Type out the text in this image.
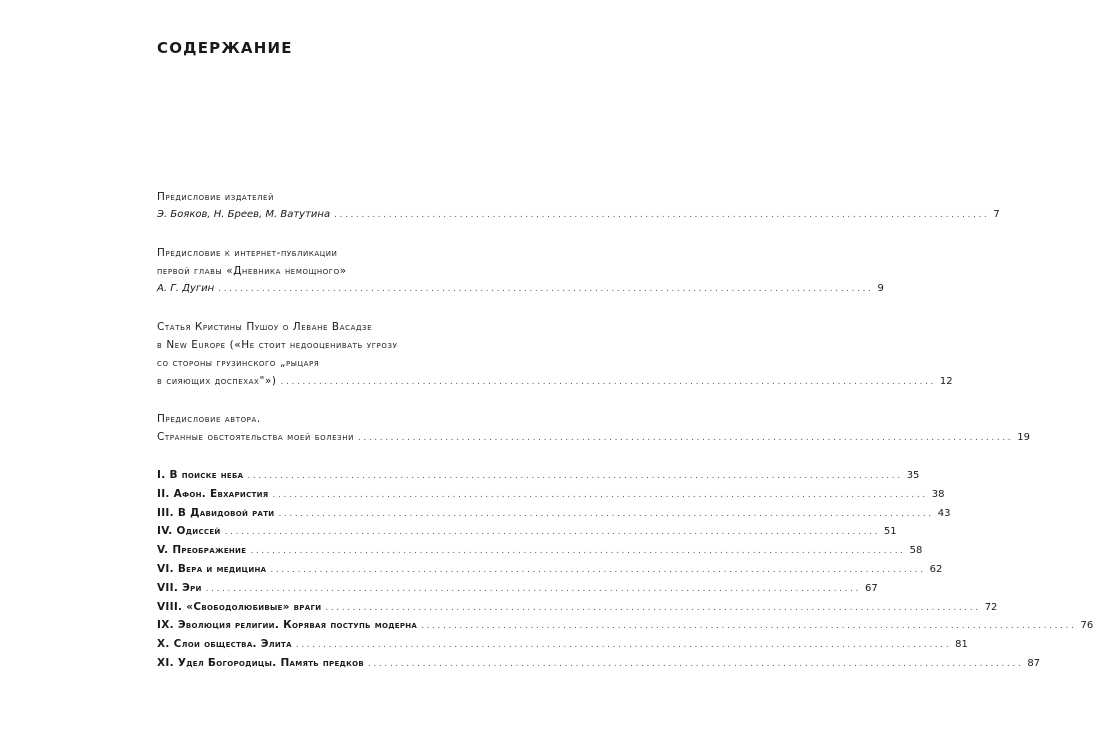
СОДЕРЖАНИЕ
Предисловие издателей
Э. Бояков, Н. Бреев, М. Ватутина ........................................................................................................................ 7
Предисловие к интернет-публикации
первой главы «Дневника немощного»
А. Г. Дугин ........................................................................................................................ 9
Статья Кристины Пушоу о Леване Васадзе
в New Europe («Не стоит недооценивать угрозу
со стороны грузинского „рыцаря
в сияющих доспехах"») ........................................................................................................................ 12
Предисловие автора.
Странные обстоятельства моей болезни ........................................................................................................................ 19
I. В поиске неба ........................................................................................................................ 35
II. Афон. Евхаристия ........................................................................................................................ 38
III. В Давидовой рати ........................................................................................................................ 43
IV. Одиссей ........................................................................................................................ 51
V. Преображение ........................................................................................................................ 58
VI. Вера и медицина ........................................................................................................................ 62
VII. Эри ........................................................................................................................ 67
VIII. «Свободолюбивые» враги ........................................................................................................................ 72
IX. Эволюция религии. Корявая поступь модерна ........................................................................................................................ 76
X. Слои общества. Элита ........................................................................................................................ 81
XI. Удел Богородицы. Память предков ........................................................................................................................ 87
